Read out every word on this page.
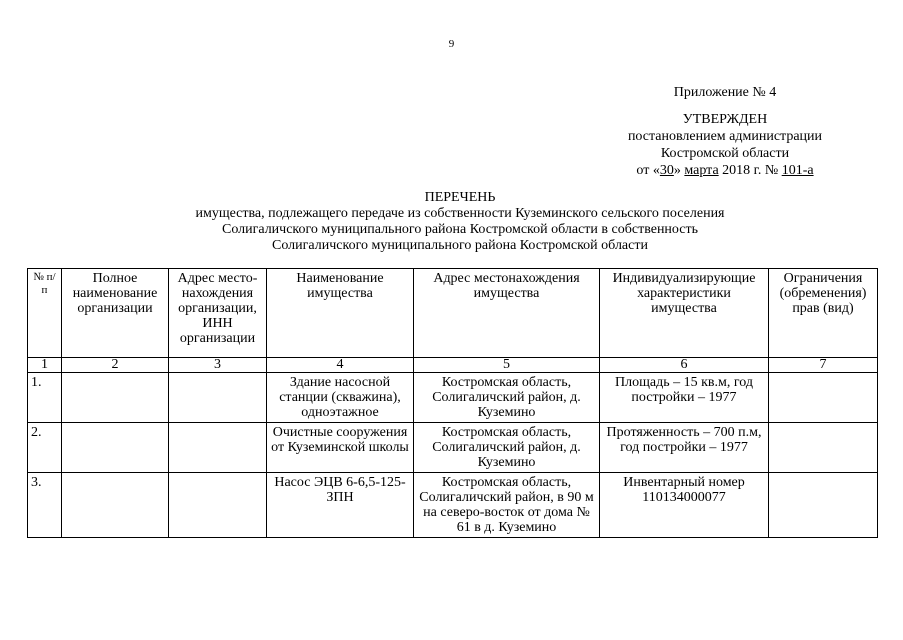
9
Приложение № 4
УТВЕРЖДЕН
постановлением администрации
Костромской области
от «30» марта 2018 г. № 101-а
ПЕРЕЧЕНЬ
имущества, подлежащего передаче из собственности Куземинского сельского поселения
Солигаличского муниципального района Костромской области в собственность
Солигаличского муниципального района Костромской области
№ п/п	Полное наименование организации	Адрес место-нахождения организации, ИНН организации	Наименование имущества	Адрес местонахождения имущества	Индивидуализирующие характеристики имущества	Ограничения (обременения) прав (вид)
1	2	3	4	5	6	7
1.			Здание насосной станции (скважина), одноэтажное	Костромская область, Солигаличский район, д. Куземино	Площадь – 15 кв.м, год постройки – 1977	
2.			Очистные сооружения от Куземинской школы	Костромская область, Солигаличский район, д. Куземино	Протяженность – 700 п.м, год постройки – 1977	
3.			Насос ЭЦВ 6-6,5-125-ЗПН	Костромская область, Солигаличский район, в 90 м на северо-восток от дома № 61 в д. Куземино	Инвентарный номер 110134000077	
